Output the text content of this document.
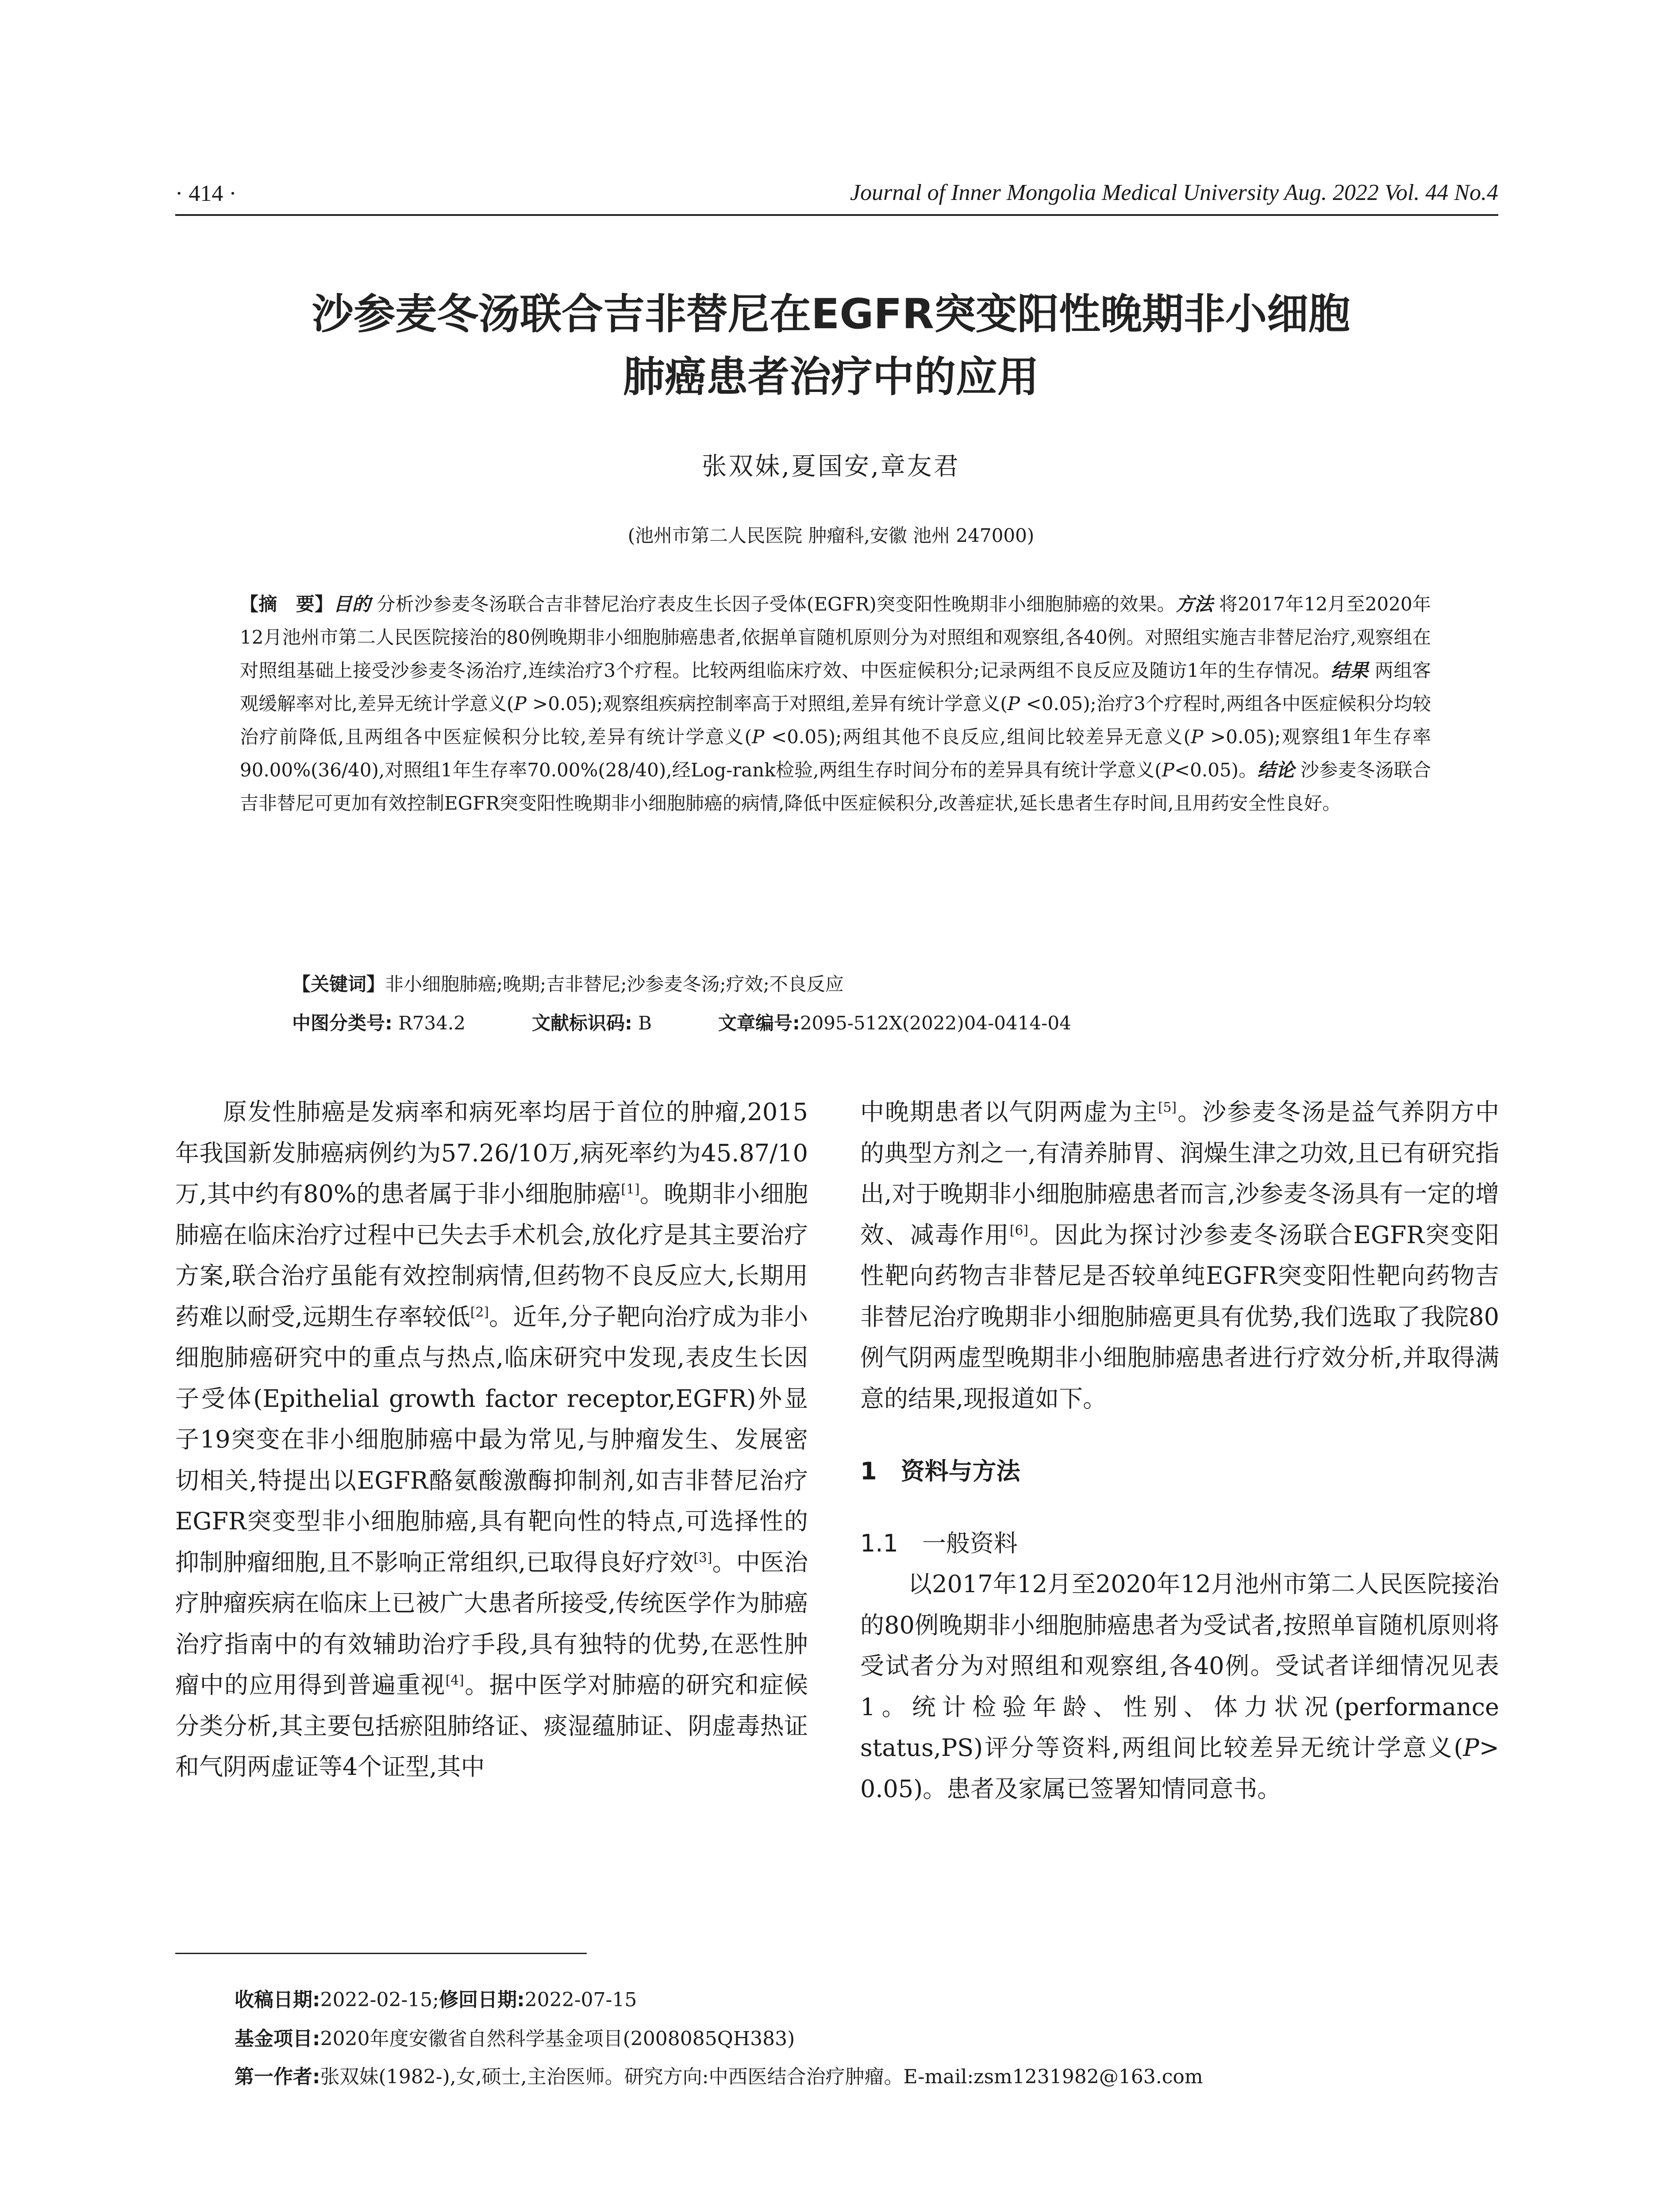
· 414 ·	Journal of Inner Mongolia Medical University Aug. 2022 Vol. 44 No.4
沙参麦冬汤联合吉非替尼在EGFR突变阳性晚期非小细胞
肺癌患者治疗中的应用
张双妹,夏国安,章友君
(池州市第二人民医院 肿瘤科,安徽 池州 247000)
【摘　要】目的 分析沙参麦冬汤联合吉非替尼治疗表皮生长因子受体(EGFR)突变阳性晚期非小细胞肺癌的效果。方法 将2017年12月至2020年12月池州市第二人民医院接治的80例晚期非小细胞肺癌患者,依据单盲随机原则分为对照组和观察组,各40例。对照组实施吉非替尼治疗,观察组在对照组基础上接受沙参麦冬汤治疗,连续治疗3个疗程。比较两组临床疗效、中医症候积分;记录两组不良反应及随访1年的生存情况。结果 两组客观缓解率对比,差异无统计学意义(P >0.05);观察组疾病控制率高于对照组,差异有统计学意义(P <0.05);治疗3个疗程时,两组各中医症候积分均较治疗前降低,且两组各中医症候积分比较,差异有统计学意义(P <0.05);两组其他不良反应,组间比较差异无意义(P >0.05);观察组1年生存率90.00%(36/40),对照组1年生存率70.00%(28/40),经Log-rank检验,两组生存时间分布的差异具有统计学意义(P<0.05)。结论 沙参麦冬汤联合吉非替尼可更加有效控制EGFR突变阳性晚期非小细胞肺癌的病情,降低中医症候积分,改善症状,延长患者生存时间,且用药安全性良好。
【关键词】非小细胞肺癌;晚期;吉非替尼;沙参麦冬汤;疗效;不良反应
中图分类号: R734.2	文献标识码: B	文章编号:2095-512X(2022)04-0414-04

原发性肺癌是发病率和病死率均居于首位的肿瘤,2015年我国新发肺癌病例约为57.26/10万,病死率约为45.87/10万,其中约有80%的患者属于非小细胞肺癌[1]。晚期非小细胞肺癌在临床治疗过程中已失去手术机会,放化疗是其主要治疗方案,联合治疗虽能有效控制病情,但药物不良反应大,长期用药难以耐受,远期生存率较低[2]。近年,分子靶向治疗成为非小细胞肺癌研究中的重点与热点,临床研究中发现,表皮生长因子受体(Epithelial growth factor receptor,EGFR)外显子19突变在非小细胞肺癌中最为常见,与肿瘤发生、发展密切相关,特提出以EGFR酪氨酸激酶抑制剂,如吉非替尼治疗EGFR突变型非小细胞肺癌,具有靶向性的特点,可选择性的抑制肿瘤细胞,且不影响正常组织,已取得良好疗效[3]。中医治疗肿瘤疾病在临床上已被广大患者所接受,传统医学作为肺癌治疗指南中的有效辅助治疗手段,具有独特的优势,在恶性肿瘤中的应用得到普遍重视[4]。据中医学对肺癌的研究和症候分类分析,其主要包括瘀阻肺络证、痰湿蕴肺证、阴虚毒热证和气阴两虚证等4个证型,其中

中晚期患者以气阴两虚为主[5]。沙参麦冬汤是益气养阴方中的典型方剂之一,有清养肺胃、润燥生津之功效,且已有研究指出,对于晚期非小细胞肺癌患者而言,沙参麦冬汤具有一定的增效、减毒作用[6]。因此为探讨沙参麦冬汤联合EGFR突变阳性靶向药物吉非替尼是否较单纯EGFR突变阳性靶向药物吉非替尼治疗晚期非小细胞肺癌更具有优势,我们选取了我院80例气阴两虚型晚期非小细胞肺癌患者进行疗效分析,并取得满意的结果,现报道如下。

1　资料与方法
1.1　一般资料

以2017年12月至2020年12月池州市第二人民医院接治的80例晚期非小细胞肺癌患者为受试者,按照单盲随机原则将受试者分为对照组和观察组,各40例。受试者详细情况见表1。统计检验年龄、性别、体力状况(performance status,PS)评分等资料,两组间比较差异无统计学意义(P> 0.05)。患者及家属已签署知情同意书。

收稿日期:2022-02-15;修回日期:2022-07-15
基金项目:2020年度安徽省自然科学基金项目(2008085QH383)
第一作者:张双妹(1982-),女,硕士,主治医师。研究方向:中西医结合治疗肿瘤。E-mail:zsm1231982@163.com
